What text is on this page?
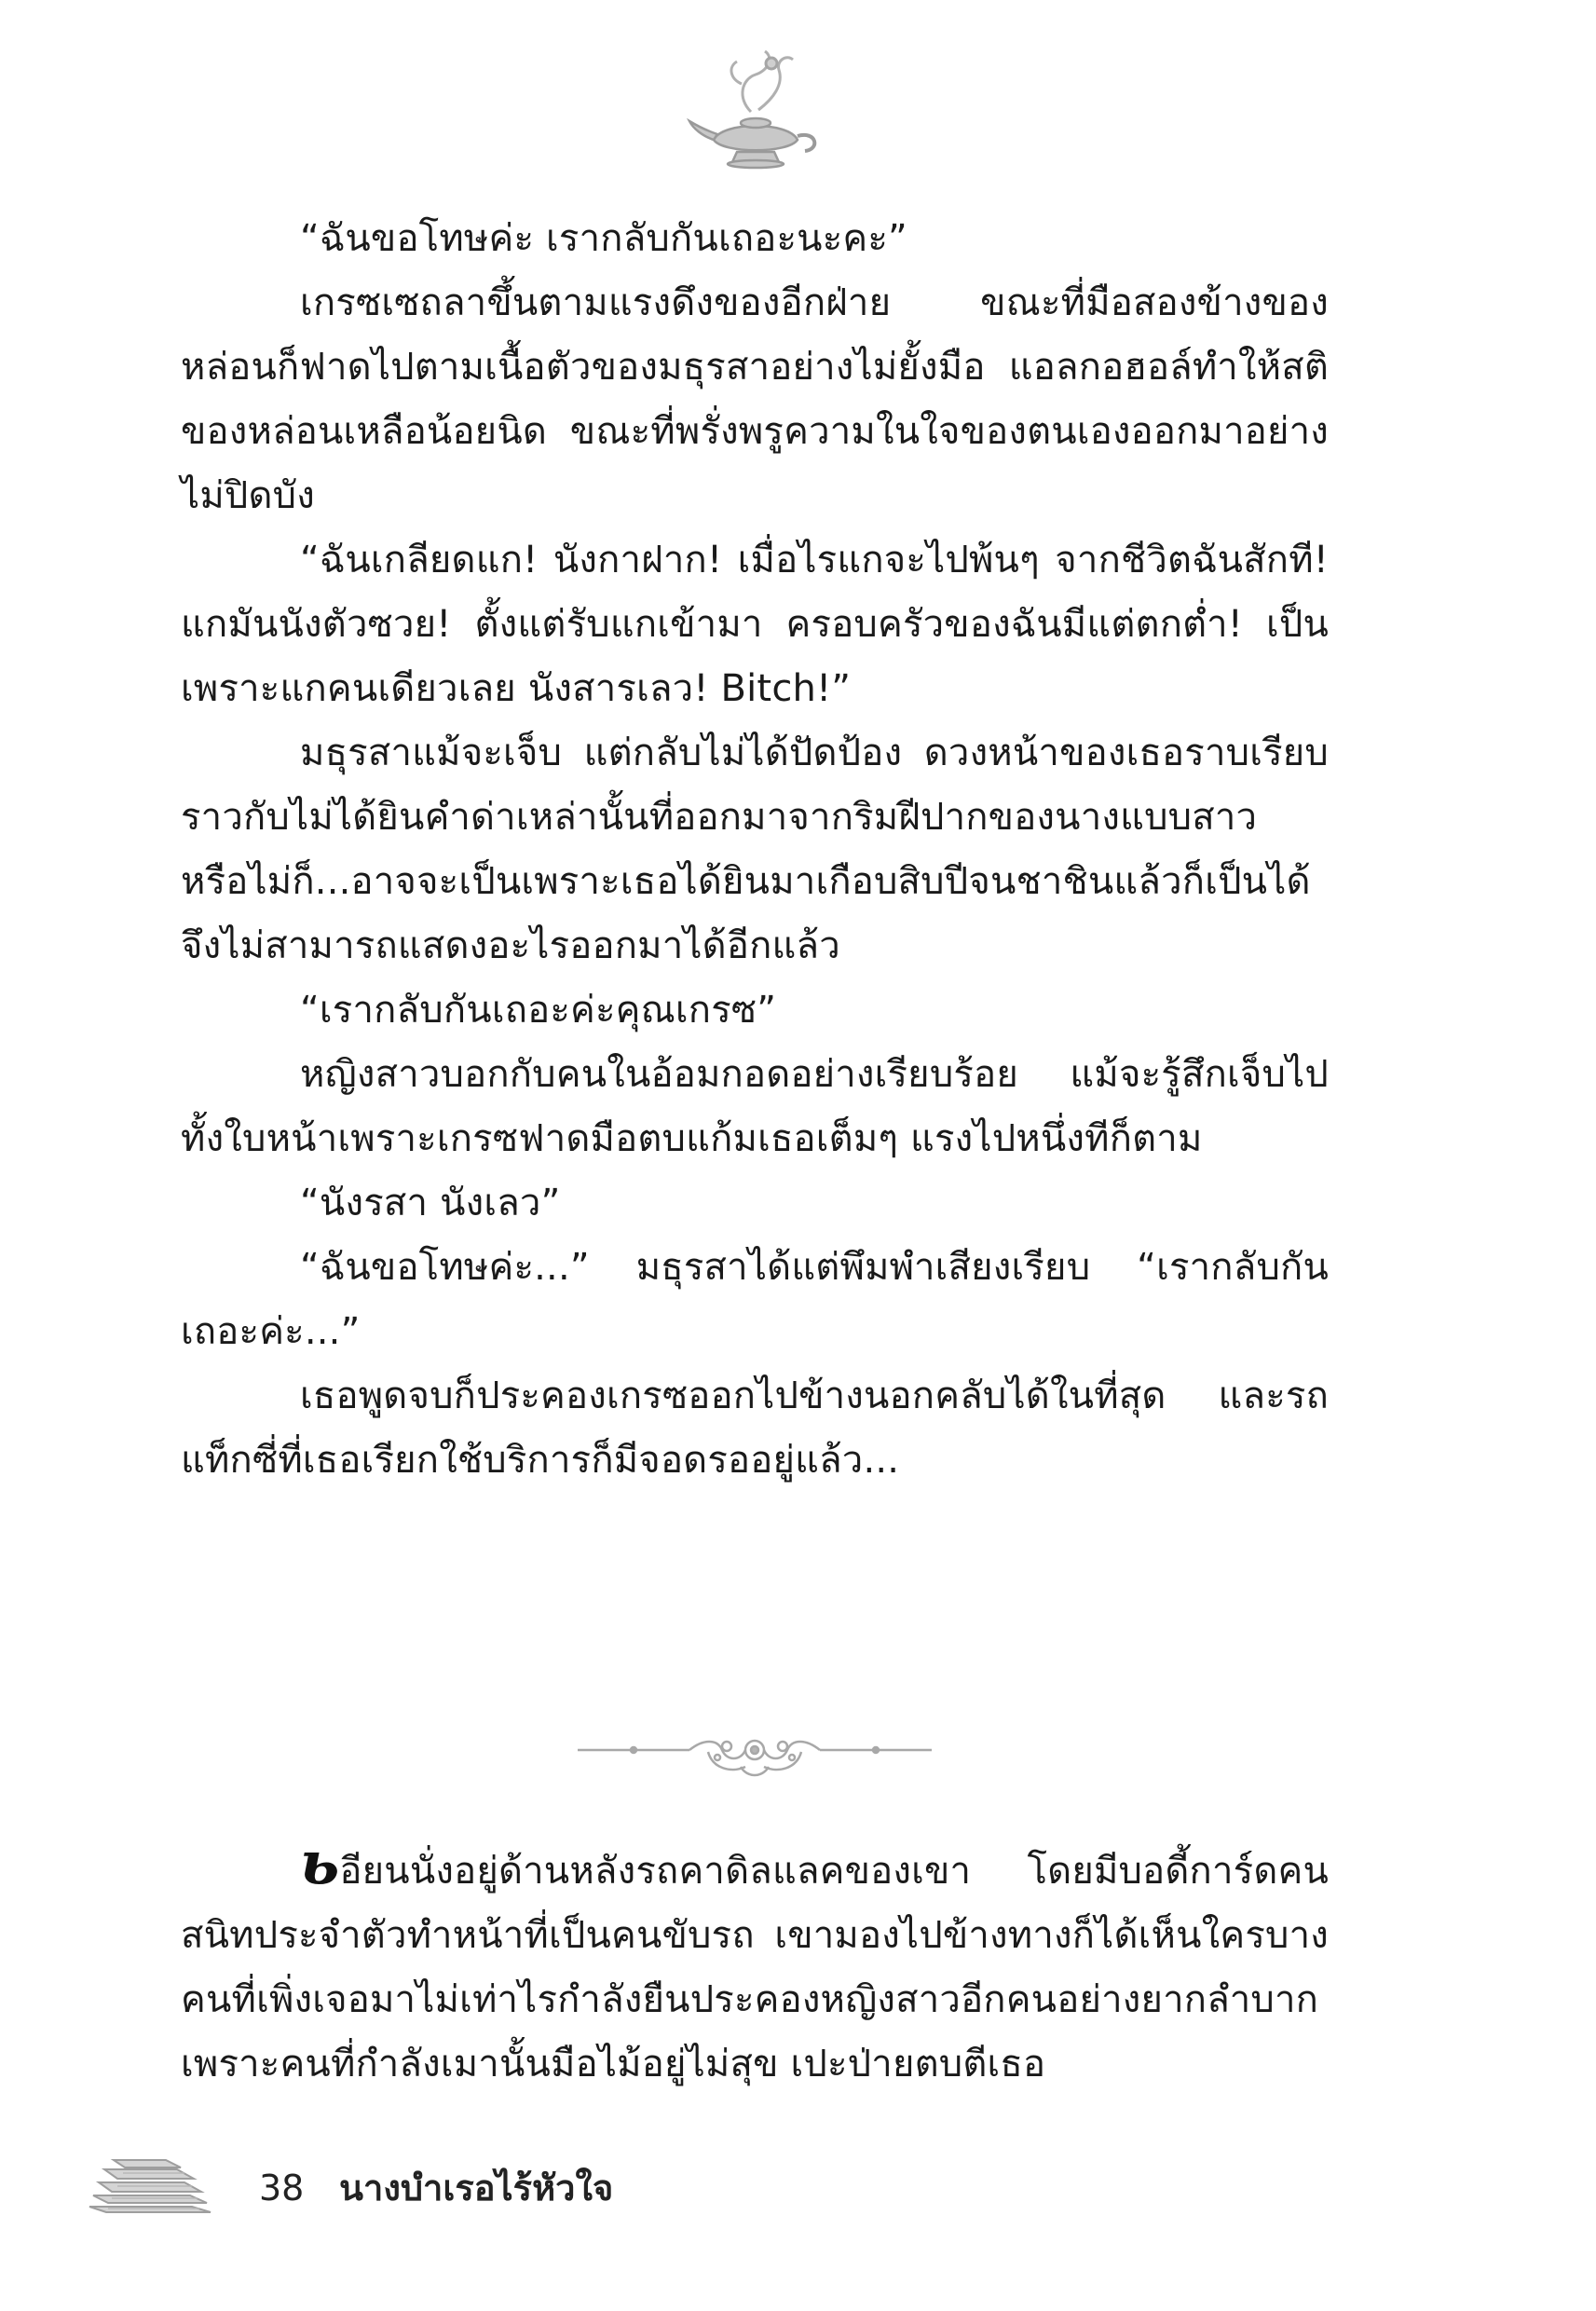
“ฉันขอโทษค่ะ เรากลับกันเถอะนะคะ”

เกรซเซถลาขึ้นตามแรงดึงของอีกฝ่าย ขณะที่มือสองข้างของหล่อนก็ฟาดไปตามเนื้อตัวของมธุรสาอย่างไม่ยั้งมือ แอลกอฮอล์ทำให้สติของหล่อนเหลือน้อยนิด ขณะที่พรั่งพรูความในใจของตนเองออกมาอย่างไม่ปิดบัง

“ฉันเกลียดแก! นังกาฝาก! เมื่อไรแกจะไปพ้นๆ จากชีวิตฉันสักที! แกมันนังตัวซวย! ตั้งแต่รับแกเข้ามา ครอบครัวของฉันมีแต่ตกต่ำ! เป็นเพราะแกคนเดียวเลย นังสารเลว! Bitch!”

มธุรสาแม้จะเจ็บ แต่กลับไม่ได้ปัดป้อง ดวงหน้าของเธอราบเรียบราวกับไม่ได้ยินคำด่าเหล่านั้นที่ออกมาจากริมฝีปากของนางแบบสาว หรือไม่ก็...อาจจะเป็นเพราะเธอได้ยินมาเกือบสิบปีจนชาชินแล้วก็เป็นได้ จึงไม่สามารถแสดงอะไรออกมาได้อีกแล้ว

“เรากลับกันเถอะค่ะคุณเกรซ”

หญิงสาวบอกกับคนในอ้อมกอดอย่างเรียบร้อย แม้จะรู้สึกเจ็บไปทั้งใบหน้าเพราะเกรซฟาดมือตบแก้มเธอเต็มๆ แรงไปหนึ่งทีก็ตาม

“นังรสา นังเลว”

“ฉันขอโทษค่ะ...” มธุรสาได้แต่พึมพำเสียงเรียบ “เรากลับกันเถอะค่ะ...”

เธอพูดจบก็ประคองเกรซออกไปข้างนอกคลับได้ในที่สุด และรถแท็กซี่ที่เธอเรียกใช้บริการก็มีจอดรออยู่แล้ว...

ьอียนนั่งอยู่ด้านหลังรถคาดิลแลคของเขา โดยมีบอดี้การ์ดคนสนิทประจำตัวทำหน้าที่เป็นคนขับรถ เขามองไปข้างทางก็ได้เห็นใครบางคนที่เพิ่งเจอมาไม่เท่าไรกำลังยืนประคองหญิงสาวอีกคนอย่างยากลำบาก เพราะคนที่กำลังเมานั้นมือไม้อยู่ไม่สุข เปะป่ายตบตีเธอ

38 นางบำเรอไร้หัวใจ
